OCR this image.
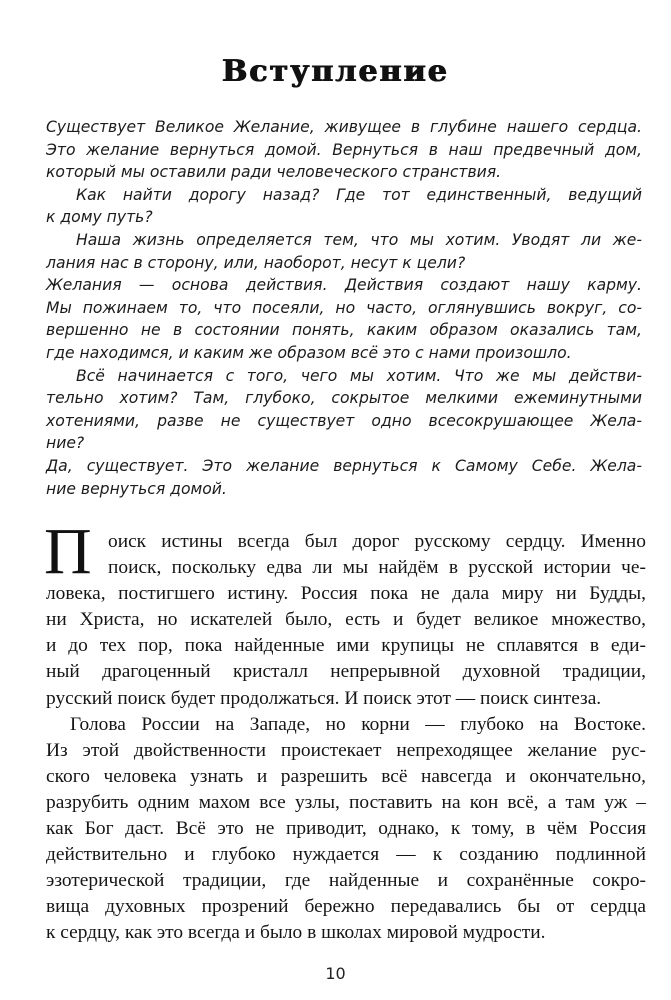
Вступление
Существует Великое Желание, живущее в глубине нашего сердца.
Это желание вернуться домой. Вернуться в наш предвечный дом,
который мы оставили ради человеческого странствия.
Как найти дорогу назад? Где тот единственный, ведущий
к дому путь?
Наша жизнь определяется тем, что мы хотим. Уводят ли же-
лания нас в сторону, или, наоборот, несут к цели?
Желания — основа действия. Действия создают нашу карму.
Мы пожинаем то, что посеяли, но часто, оглянувшись вокруг, со-
вершенно не в состоянии понять, каким образом оказались там,
где находимся, и каким же образом всё это с нами произошло.
Всё начинается с того, чего мы хотим. Что же мы действи-
тельно хотим? Там, глубоко, сокрытое мелкими ежеминутными
хотениями, разве не существует одно всесокрушающее Жела-
ние?
Да, существует. Это желание вернуться к Самому Себе. Жела-
ние вернуться домой.
П оиск истины всегда был дорог русскому сердцу. Именно
поиск, поскольку едва ли мы найдём в русской истории че-
ловека, постигшего истину. Россия пока не дала миру ни Будды,
ни Христа, но искателей было, есть и будет великое множество,
и до тех пор, пока найденные ими крупицы не сплавятся в еди-
ный драгоценный кристалл непрерывной духовной традиции,
русский поиск будет продолжаться. И поиск этот — поиск синтеза.
Голова России на Западе, но корни — глубоко на Востоке.
Из этой двойственности проистекает непреходящее желание рус-
ского человека узнать и разрешить всё навсегда и окончательно,
разрубить одним махом все узлы, поставить на кон всё, а там уж –
как Бог даст. Всё это не приводит, однако, к тому, в чём Россия
действительно и глубоко нуждается — к созданию подлинной
эзотерической традиции, где найденные и сохранённые сокро-
вища духовных прозрений бережно передавались бы от сердца
к сердцу, как это всегда и было в школах мировой мудрости.
10
